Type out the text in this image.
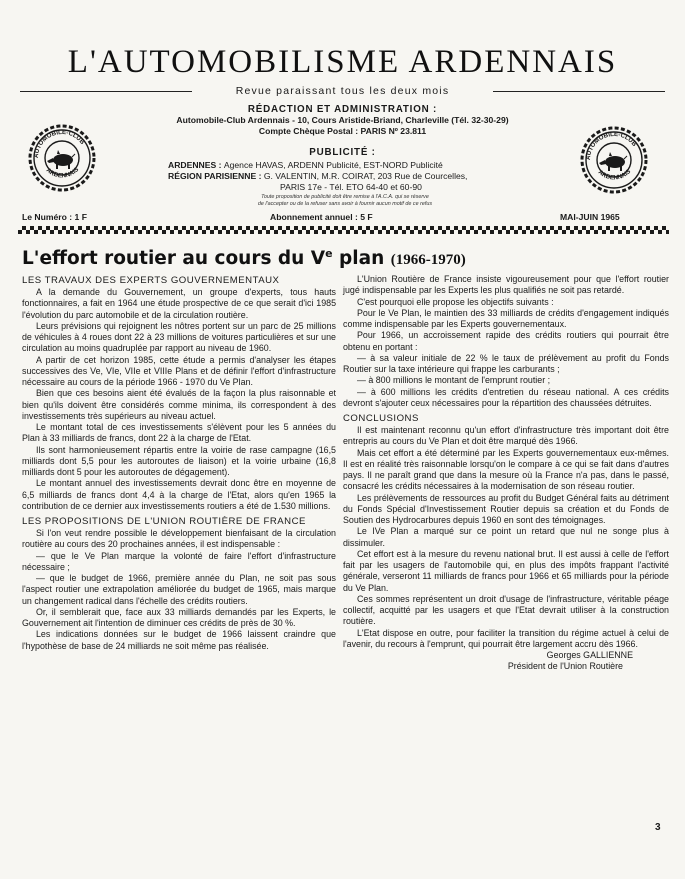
L'AUTOMOBILISME ARDENNAIS
Revue paraissant tous les deux mois
RÉDACTION ET ADMINISTRATION :
Automobile-Club Ardennais - 10, Cours Aristide-Briand, Charleville (Tél. 32-30-29)
Compte Chèque Postal : PARIS Nº 23.811
PUBLICITÉ :
ARDENNES : Agence HAVAS, ARDENN Publicité, EST-NORD Publicité
RÉGION PARISIENNE : G. VALENTIN, M.R. COIRAT, 203 Rue de Courcelles,
PARIS 17e - Tél. ETO 64-40 et 60-90
Toute proposition de publicité doit être remise à l'A.C.A. qui se réserve
de l'accepter ou de la refuser sans avoir à fournir aucun motif de ce refus
AUTOMOBILE-CLUB
ARDENNAIS
AUTOMOBILE-CLUB
ARDENNAIS
Le Numéro : 1 F	Abonnement annuel : 5 F	MAI-JUIN 1965
L'effort routier au cours du Ve plan (1966-1970)
LES TRAVAUX DES EXPERTS GOUVERNEMENTAUX

A la demande du Gouvernement, un groupe d'experts, tous hauts fonctionnaires, a fait en 1964 une étude prospective de ce que serait d'ici 1985 l'évolution du parc automobile et de la circulation routière.

Leurs prévisions qui rejoignent les nôtres portent sur un parc de 25 millions de véhicules à 4 roues dont 22 à 23 millions de voitures particulières et sur une circulation au moins quadruplée par rapport au niveau de 1960.

A partir de cet horizon 1985, cette étude a permis d'analyser les étapes successives des Ve, VIe, VIIe et VIIIe Plans et de définir l'effort d'infrastructure nécessaire au cours de la période 1966 - 1970 du Ve Plan.

Bien que ces besoins aient été évalués de la façon la plus raisonnable et bien qu'ils doivent être considérés comme minima, ils correspondent à des investissements très supérieurs au niveau actuel.

Le montant total de ces investissements s'élèvent pour les 5 années du Plan à 33 milliards de francs, dont 22 à la charge de l'Etat.

Ils sont harmonieusement répartis entre la voirie de rase campagne (16,5 milliards dont 5,5 pour les autoroutes de liaison) et la voirie urbaine (16,8 milliards dont 5 pour les autoroutes de dégagement).

Le montant annuel des investissements devrait donc être en moyenne de 6,5 milliards de francs dont 4,4 à la charge de l'Etat, alors qu'en 1965 la contribution de ce dernier aux investissements routiers a été de 1.530 millions.

LES PROPOSITIONS DE L'UNION ROUTIÈRE DE FRANCE

Si l'on veut rendre possible le développement bienfaisant de la circulation routière au cours des 20 prochaines années, il est indispensable :

— que le Ve Plan marque la volonté de faire l'effort d'infrastructure nécessaire ;

— que le budget de 1966, première année du Plan, ne soit pas sous l'aspect routier une extrapolation améliorée du budget de 1965, mais marque un changement radical dans l'échelle des crédits routiers.

Or, il semblerait que, face aux 33 milliards demandés par les Experts, le Gouvernement ait l'intention de diminuer ces crédits de près de 30 %.

Les indications données sur le budget de 1966 laissent craindre que l'hypothèse de base de 24 milliards ne soit même pas réalisée.

L'Union Routière de France insiste vigoureusement pour que l'effort routier jugé indispensable par les Experts les plus qualifiés ne soit pas retardé.

C'est pourquoi elle propose les objectifs suivants :

Pour le Ve Plan, le maintien des 33 milliards de crédits d'engagement indiqués comme indispensable par les Experts gouvernementaux.

Pour 1966, un accroissement rapide des crédits routiers qui pourrait être obtenu en portant :

— à sa valeur initiale de 22 % le taux de prélèvement au profit du Fonds Routier sur la taxe intérieure qui frappe les carburants ;

— à 800 millions le montant de l'emprunt routier ;

— à 600 millions les crédits d'entretien du réseau national. A ces crédits devront s'ajouter ceux nécessaires pour la répartition des chaussées détruites.

CONCLUSIONS

Il est maintenant reconnu qu'un effort d'infrastructure très important doit être entrepris au cours du Ve Plan et doit être marqué dès 1966.

Mais cet effort a été déterminé par les Experts gouvernementaux eux-mêmes. Il est en réalité très raisonnable lorsqu'on le compare à ce qui se fait dans d'autres pays. Il ne paraît grand que dans la mesure où la France n'a pas, dans le passé, consacré les crédits nécessaires à la modernisation de son réseau routier.

Les prélèvements de ressources au profit du Budget Général faits au détriment du Fonds Spécial d'Investissement Routier depuis sa création et du Fonds de Soutien des Hydrocarbures depuis 1960 en sont des témoignages.

Le IVe Plan a marqué sur ce point un retard que nul ne songe plus à dissimuler.

Cet effort est à la mesure du revenu national brut. Il est aussi à celle de l'effort fait par les usagers de l'automobile qui, en plus des impôts frappant l'activité générale, verseront 11 milliards de francs pour 1966 et 65 milliards pour la période du Ve Plan.

Ces sommes représentent un droit d'usage de l'infrastructure, véritable péage collectif, acquitté par les usagers et que l'Etat devrait utiliser à la construction routière.

L'Etat dispose en outre, pour faciliter la transition du régime actuel à celui de l'avenir, du recours à l'emprunt, qui pourrait être largement accru dès 1966.

Georges GALLIENNE
Président de l'Union Routière
3
